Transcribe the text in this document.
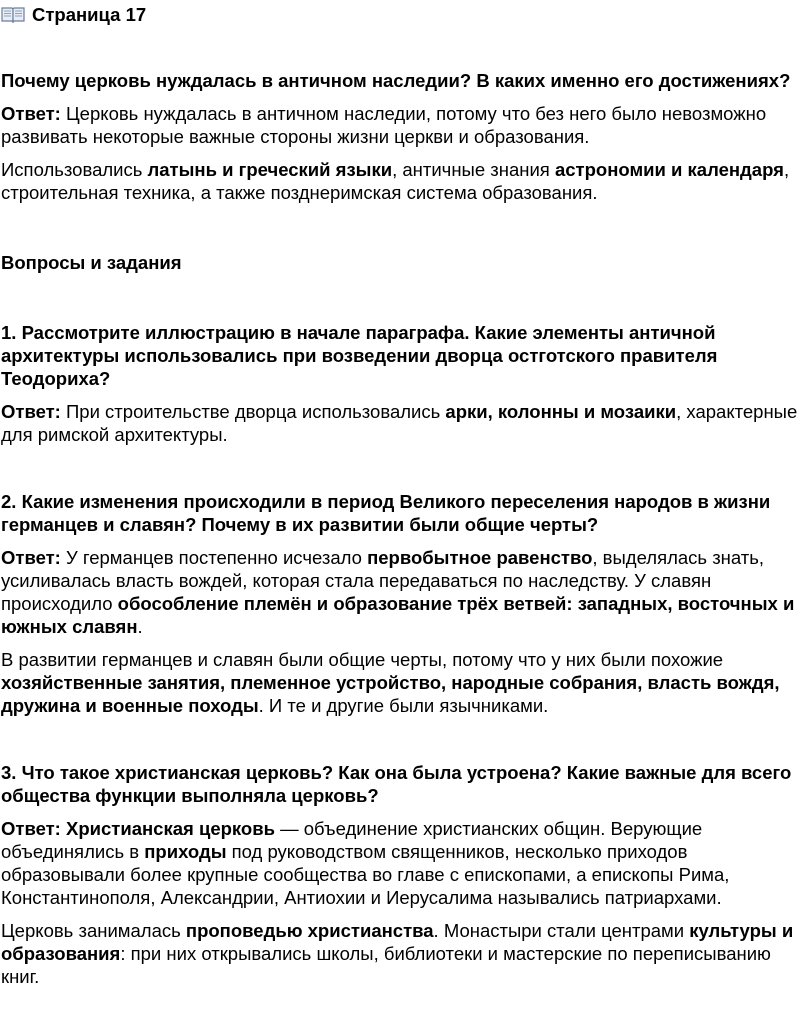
Страница 17
Почему церковь нуждалась в античном наследии? В каких именно его достижениях?

Ответ: Церковь нуждалась в античном наследии, потому что без него было невозможно развивать некоторые важные стороны жизни церкви и образования.

Использовались латынь и греческий языки, античные знания астрономии и календаря, строительная техника, а также позднеримская система образования.

Вопросы и задания
1. Рассмотрите иллюстрацию в начале параграфа. Какие элементы античной архитектуры использовались при возведении дворца остготского правителя Теодориха?

Ответ: При строительстве дворца использовались арки, колонны и мозаики, характерные для римской архитектуры.

2. Какие изменения происходили в период Великого переселения народов в жизни германцев и славян? Почему в их развитии были общие черты?

Ответ: У германцев постепенно исчезало первобытное равенство, выделялась знать, усиливалась власть вождей, которая стала передаваться по наследству. У славян происходило обособление племён и образование трёх ветвей: западных, восточных и южных славян.

В развитии германцев и славян были общие черты, потому что у них были похожие хозяйственные занятия, племенное устройство, народные собрания, власть вождя, дружина и военные походы. И те и другие были язычниками.

3. Что такое христианская церковь? Как она была устроена? Какие важные для всего общества функции выполняла церковь?

Ответ: Христианская церковь — объединение христианских общин. Верующие объединялись в приходы под руководством священников, несколько приходов образовывали более крупные сообщества во главе с епископами, а епископы Рима, Константинополя, Александрии, Антиохии и Иерусалима назывались патриархами.

Церковь занималась проповедью христианства. Монастыри стали центрами культуры и образования: при них открывались школы, библиотеки и мастерские по переписыванию книг.
